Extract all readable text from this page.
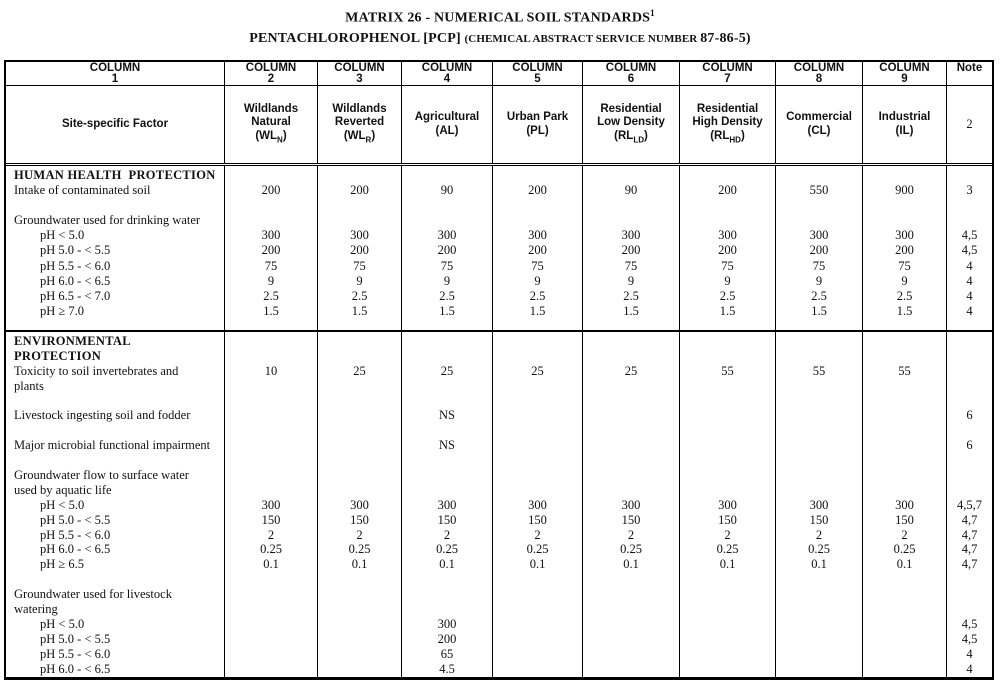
MATRIX 26 - NUMERICAL SOIL STANDARDS$^1$
PENTACHLOROPHENOL [PCP] (CHEMICAL ABSTRACT SERVICE NUMBER 87-86-5)
COLUMN
1
COLUMN
2
COLUMN
3
COLUMN
4
COLUMN
5
COLUMN
6
COLUMN
7
COLUMN
8
COLUMN
9
Note
Site-specific Factor
Wildlands
Natural
$(WL_N)$
Wildlands
Reverted
$(WL_R)$
Agricultural
(AL)
Urban Park
(PL)
Residential
Low Density
$(RL_{LD})$
Residential
High Density
$(RL_{HD})$
Commercial
(CL)
Industrial
(IL)	2
HUMAN HEALTH  PROTECTION
Intake of contaminated soil

Groundwater used for drinking water
pH < 5.0
pH 5.0 - < 5.5
pH 5.5 - < 6.0
pH 6.0 - < 6.5
pH 6.5 - < 7.0
pH ≥ 7.0

200

300
200
75
9
2.5
1.5

200

300
200
75
9
2.5
1.5

90

300
200
75
9
2.5
1.5

200

300
200
75
9
2.5
1.5

90

300
200
75
9
2.5
1.5

200

300
200
75
9
2.5
1.5

550

300
200
75
9
2.5
1.5

900

300
200
75
9
2.5
1.5

3

4,5
4,5
4
4
4
4

ENVIRONMENTAL
PROTECTION
Toxicity to soil invertebrates and
plants

Livestock ingesting soil and fodder

Major microbial functional impairment

Groundwater flow to surface water
used by aquatic life
pH < 5.0
pH 5.0 - < 5.5
pH 5.5 - < 6.0
pH 6.0 - < 6.5
pH ≥ 6.5

Groundwater used for livestock
watering
pH < 5.0
pH 5.0 - < 5.5
pH 5.5 - < 6.0
pH 6.0 - < 6.5

10

300
150
2
0.25
0.1

25

300
150
2
0.25
0.1

25

NS

NS

300
150
2
0.25
0.1

300
200
65
4.5

25

300
150
2
0.25
0.1

25

300
150
2
0.25
0.1

55

300
150
2
0.25
0.1

55

300
150
2
0.25
0.1

55

300
150
2
0.25
0.1

6

6

4,5,7
4,7
4,7
4,7
4,7

4,5
4,5
4
4
